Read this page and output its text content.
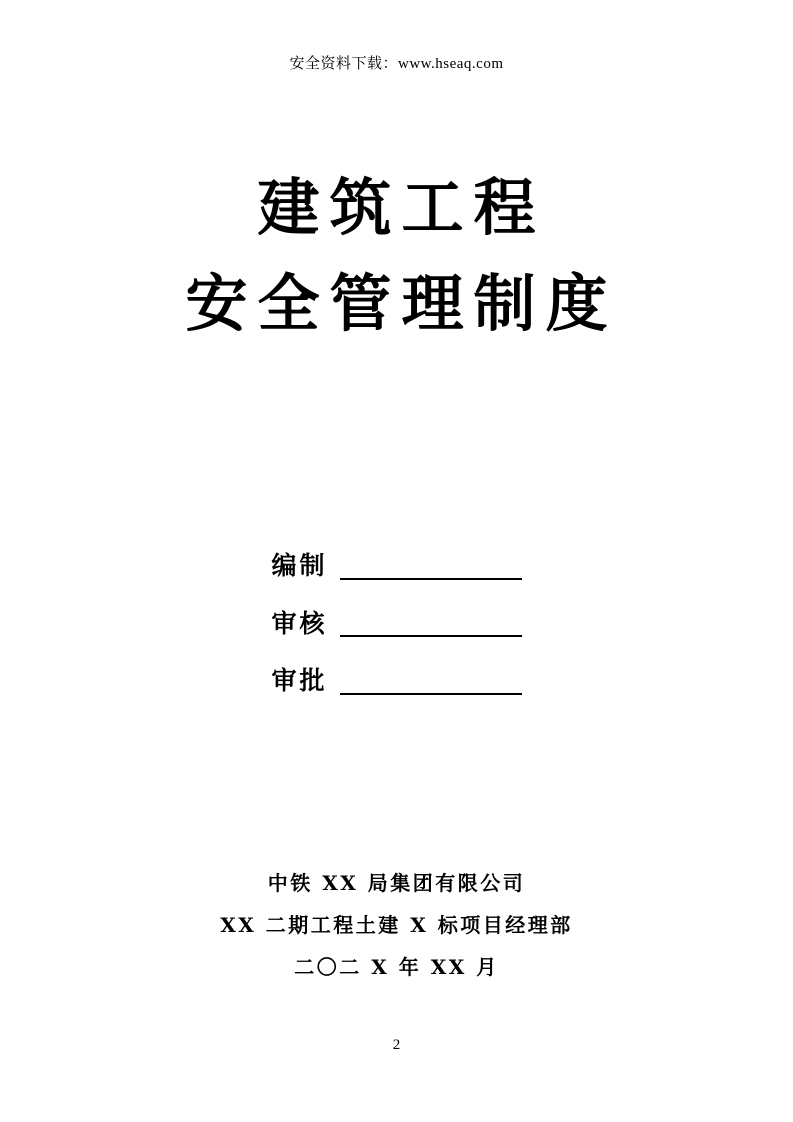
安全资料下载：www.hseaq.com
建筑工程
安全管理制度
编制
审核
审批
中铁 XX 局集团有限公司
XX 二期工程土建 X 标项目经理部
二〇二 X 年 XX 月
2
